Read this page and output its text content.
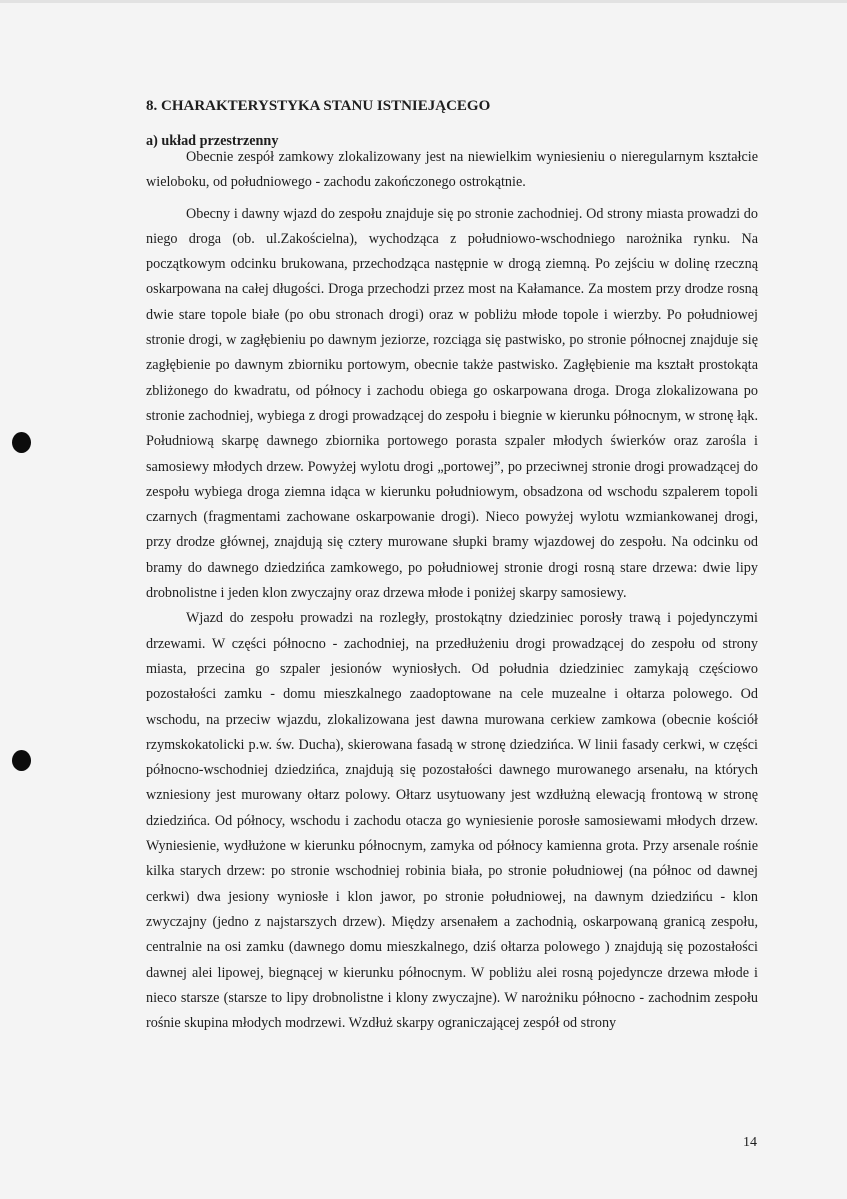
8. CHARAKTERYSTYKA STANU ISTNIEJĄCEGO
a) układ przestrzenny

Obecnie zespół zamkowy zlokalizowany jest na niewielkim wyniesieniu o nieregularnym kształcie wieloboku, od południowego - zachodu zakończonego ostrokątnie.

Obecny i dawny wjazd do zespołu znajduje się po stronie zachodniej. Od strony miasta prowadzi do niego droga (ob. ul.Zakościelna), wychodząca z południowo-wschodniego narożnika rynku. Na początkowym odcinku brukowana, przechodząca następnie w drogą ziemną. Po zejściu w dolinę rzeczną oskarpowana na całej długości. Droga przechodzi przez most na Kałamance. Za mostem przy drodze rosną dwie stare topole białe (po obu stronach drogi) oraz w pobliżu młode topole i wierzby. Po południowej stronie drogi, w zagłębieniu po dawnym jeziorze, rozciąga się pastwisko, po stronie północnej znajduje się zagłębienie po dawnym zbiorniku portowym, obecnie także pastwisko. Zagłębienie ma kształt prostokąta zbliżonego do kwadratu, od północy i zachodu obiega go oskarpowana droga. Droga zlokalizowana po stronie zachodniej, wybiega z drogi prowadzącej do zespołu i biegnie w kierunku północnym, w stronę łąk. Południową skarpę dawnego zbiornika portowego porasta szpaler młodych świerków oraz zarośla i samosiewy młodych drzew. Powyżej wylotu drogi „portowej”, po przeciwnej stronie drogi prowadzącej do zespołu wybiega droga ziemna idąca w kierunku południowym, obsadzona od wschodu szpalerem topoli czarnych (fragmentami zachowane oskarpowanie drogi). Nieco powyżej wylotu wzmiankowanej drogi, przy drodze głównej, znajdują się cztery murowane słupki bramy wjazdowej do zespołu. Na odcinku od bramy do dawnego dziedzińca zamkowego, po południowej stronie drogi rosną stare drzewa: dwie lipy drobnolistne i jeden klon zwyczajny oraz drzewa młode i poniżej skarpy samosiewy.

Wjazd do zespołu prowadzi na rozległy, prostokątny dziedziniec porosły trawą i pojedynczymi drzewami. W części północno - zachodniej, na przedłużeniu drogi prowadzącej do zespołu od strony miasta, przecina go szpaler jesionów wyniosłych. Od południa dziedziniec zamykają częściowo pozostałości zamku - domu mieszkalnego zaadoptowane na cele muzealne i ołtarza polowego. Od wschodu, na przeciw wjazdu, zlokalizowana jest dawna murowana cerkiew zamkowa (obecnie kościół rzymskokatolicki p.w. św. Ducha), skierowana fasadą w stronę dziedzińca. W linii fasady cerkwi, w części północno-wschodniej dziedzińca, znajdują się pozostałości dawnego murowanego arsenału, na których wzniesiony jest murowany ołtarz polowy. Ołtarz usytuowany jest wzdłużną elewacją frontową w stronę dziedzińca. Od północy, wschodu i zachodu otacza go wyniesienie porosłe samosiewami młodych drzew. Wyniesienie, wydłużone w kierunku północnym, zamyka od północy kamienna grota. Przy arsenale rośnie kilka starych drzew: po stronie wschodniej robinia biała, po stronie południowej (na północ od dawnej cerkwi) dwa jesiony wyniosłe i klon jawor, po stronie południowej, na dawnym dziedzińcu - klon zwyczajny (jedno z najstarszych drzew). Między arsenałem a zachodnią, oskarpowaną granicą zespołu, centralnie na osi zamku (dawnego domu mieszkalnego, dziś ołtarza polowego ) znajdują się pozostałości dawnej alei lipowej, biegnącej w kierunku północnym. W pobliżu alei rosną pojedyncze drzewa młode i nieco starsze (starsze to lipy drobnolistne i klony zwyczajne). W narożniku północno - zachodnim zespołu rośnie skupina młodych modrzewi. Wzdłuż skarpy ograniczającej zespół od strony

14
